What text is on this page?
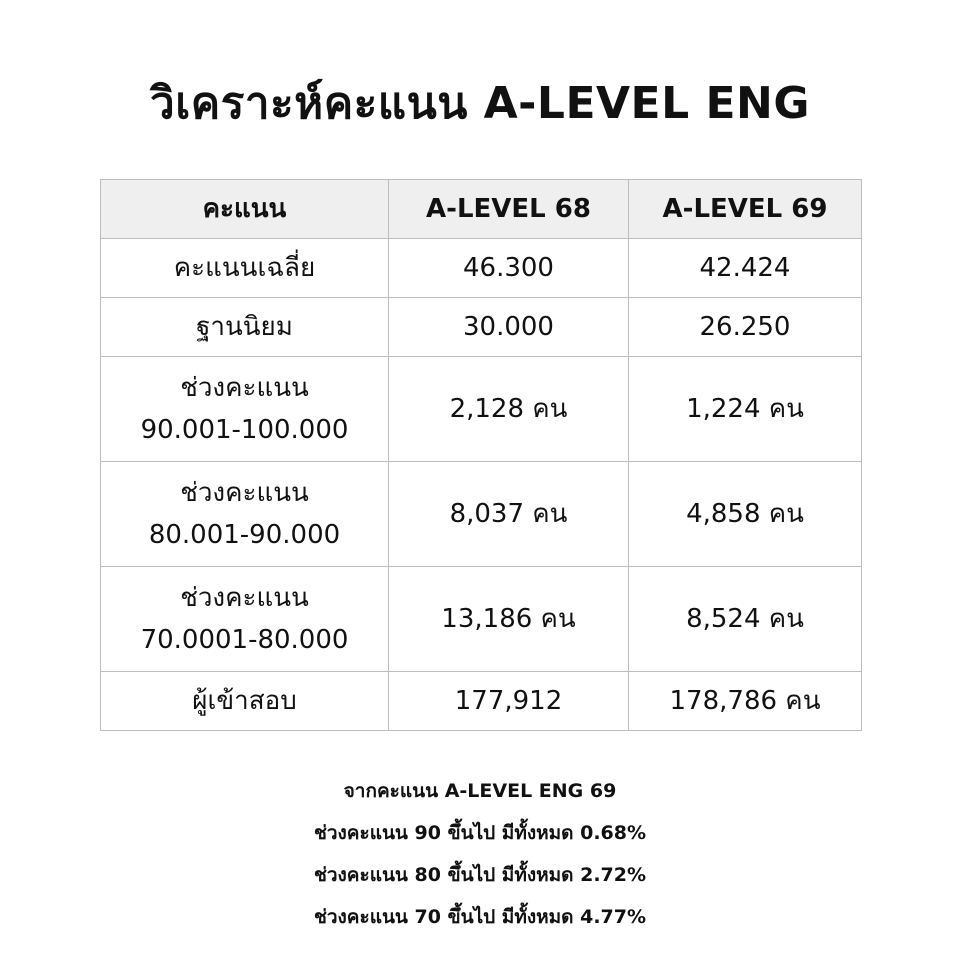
วิเคราะห์คะแนน A-LEVEL ENG
คะแนน	A-LEVEL 68	A-LEVEL 69
คะแนนเฉลี่ย	46.300	42.424
ฐานนิยม	30.000	26.250

ช่วงคะแนน
90.001-100.000	2,128 คน	1,224 คน

ช่วงคะแนน
80.001-90.000	8,037 คน	4,858 คน

ช่วงคะแนน
70.0001-80.000	13,186 คน	8,524 คน
ผู้เข้าสอบ	177,912	178,786 คน
จากคะแนน A-LEVEL ENG 69
ช่วงคะแนน 90 ขึ้นไป มีทั้งหมด 0.68%
ช่วงคะแนน 80 ขึ้นไป มีทั้งหมด 2.72%
ช่วงคะแนน 70 ขึ้นไป มีทั้งหมด 4.77%
